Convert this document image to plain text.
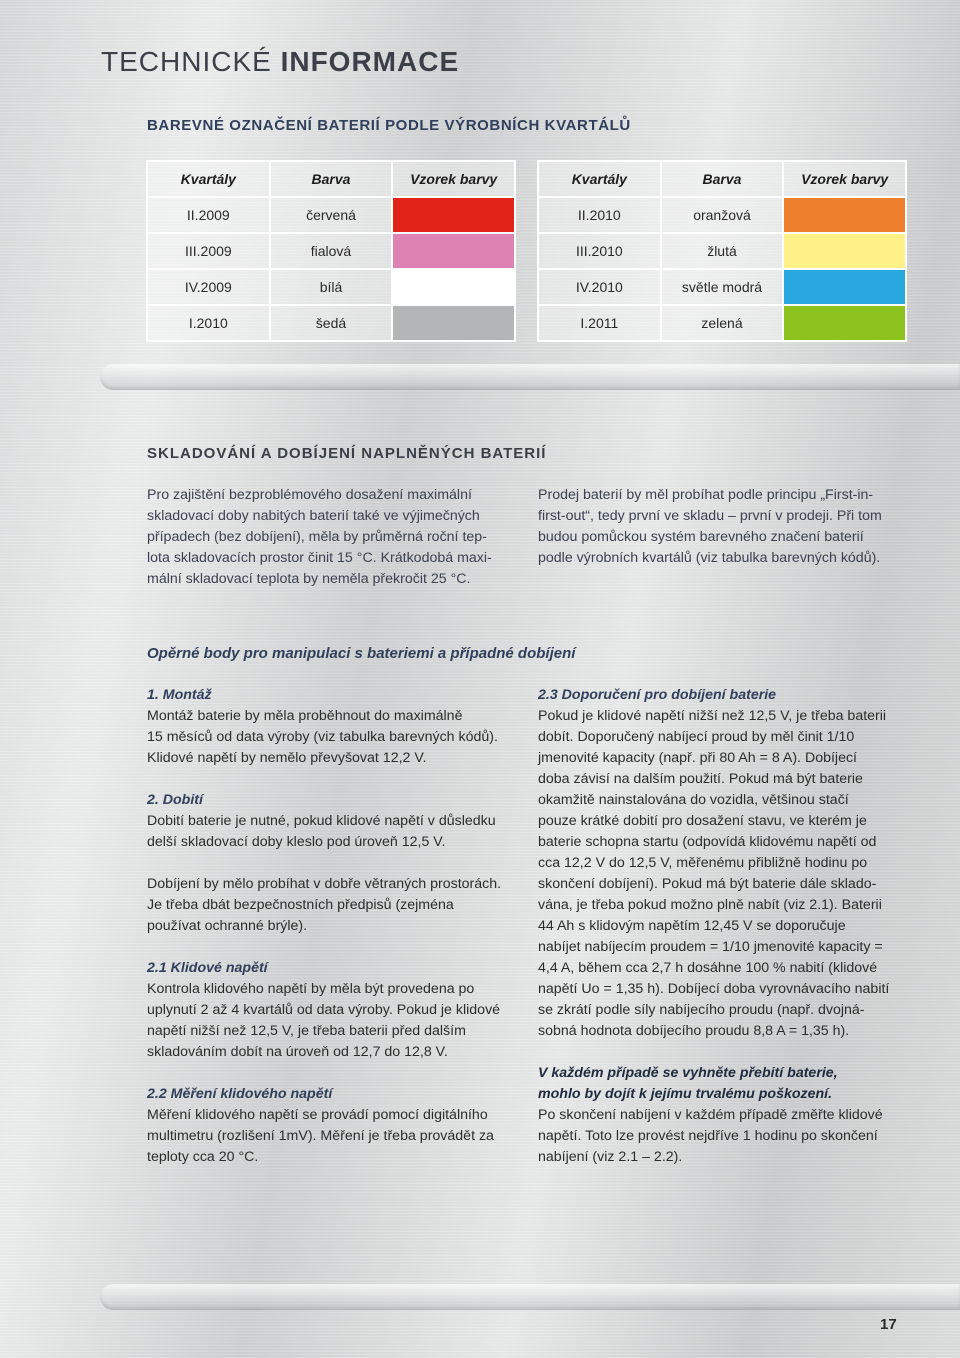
TECHNICKÉ INFORMACE
BAREVNÉ OZNAČENÍ BATERIÍ PODLE VÝROBNÍCH KVARTÁLŮ
Kvartály	Barva	Vzorek barvy
II.2009	červená	

III.2009	fialová	

IV.2009	bílá	

I.2010	šedá	
Kvartály	Barva	Vzorek barvy
II.2010	oranžová	

III.2010	žlutá	

IV.2010	světle modrá	

I.2011	zelená	
SKLADOVÁNÍ A DOBÍJENÍ NAPLNĚNÝCH BATERIÍ
Pro zajištění bezproblémového dosažení maximální
skladovací doby nabitých baterií také ve výjimečných
případech (bez dobíjení), měla by průměrná roční tep-
lota skladovacích prostor činit 15 °C. Krátkodobá maxi-
mální skladovací teplota by neměla překročit 25 °C.
Prodej baterií by měl probíhat podle principu „First-in-
first-out“, tedy první ve skladu – první v prodeji. Při tom
budou pomůckou systém barevného značení baterií
podle výrobních kvartálů (viz tabulka barevných kódů).
Opěrné body pro manipulaci s bateriemi a případné dobíjení
1. Montáž
Montáž baterie by měla proběhnout do maximálně
15 měsíců od data výroby (viz tabulka barevných kódů).
Klidové napětí by nemělo převyšovat 12,2 V.
2. Dobití
Dobití baterie je nutné, pokud klidové napětí v důsledku
delší skladovací doby kleslo pod úroveň 12,5 V.
Dobíjení by mělo probíhat v dobře větraných prostorách.
Je třeba dbát bezpečnostních předpisů (zejména
používat ochranné brýle).
2.1 Klidové napětí
Kontrola klidového napětí by měla být provedena po
uplynutí 2 až 4 kvartálů od data výroby. Pokud je klidové
napětí nižší než 12,5 V, je třeba baterii před dalším
skladováním dobít na úroveň od 12,7 do 12,8 V.
2.2 Měření klidového napětí
Měření klidového napětí se provádí pomocí digitálního
multimetru (rozlišení 1mV). Měření je třeba provádět za
teploty cca 20 °C.
2.3 Doporučení pro dobíjení baterie
Pokud je klidové napětí nižší než 12,5 V, je třeba baterii
dobít. Doporučený nabíjecí proud by měl činit 1/10
jmenovité kapacity (např. při 80 Ah = 8 A). Dobíjecí
doba závisí na dalším použití. Pokud má být baterie
okamžitě nainstalována do vozidla, většinou stačí
pouze krátké dobití pro dosažení stavu, ve kterém je
baterie schopna startu (odpovídá klidovému napětí od
cca 12,2 V do 12,5 V, měřenému přibližně hodinu po
skončení dobíjení). Pokud má být baterie dále sklado-
vána, je třeba pokud možno plně nabít (viz 2.1). Baterii
44 Ah s klidovým napětím 12,45 V se doporučuje
nabíjet nabíjecím proudem = 1/10 jmenovité kapacity =
4,4 A, během cca 2,7 h dosáhne 100 % nabití (klidové
napětí Uo = 1,35 h). Dobíjecí doba vyrovnávacího nabití
se zkrátí podle síly nabíjecího proudu (např. dvojná-
sobná hodnota dobíjecího proudu 8,8 A = 1,35 h).
V každém případě se vyhněte přebití baterie,
mohlo by dojít k jejímu trvalému poškození.
Po skončení nabíjení v každém případě změřte klidové
napětí. Toto lze provést nejdříve 1 hodinu po skončení
nabíjení (viz 2.1 – 2.2).
17
